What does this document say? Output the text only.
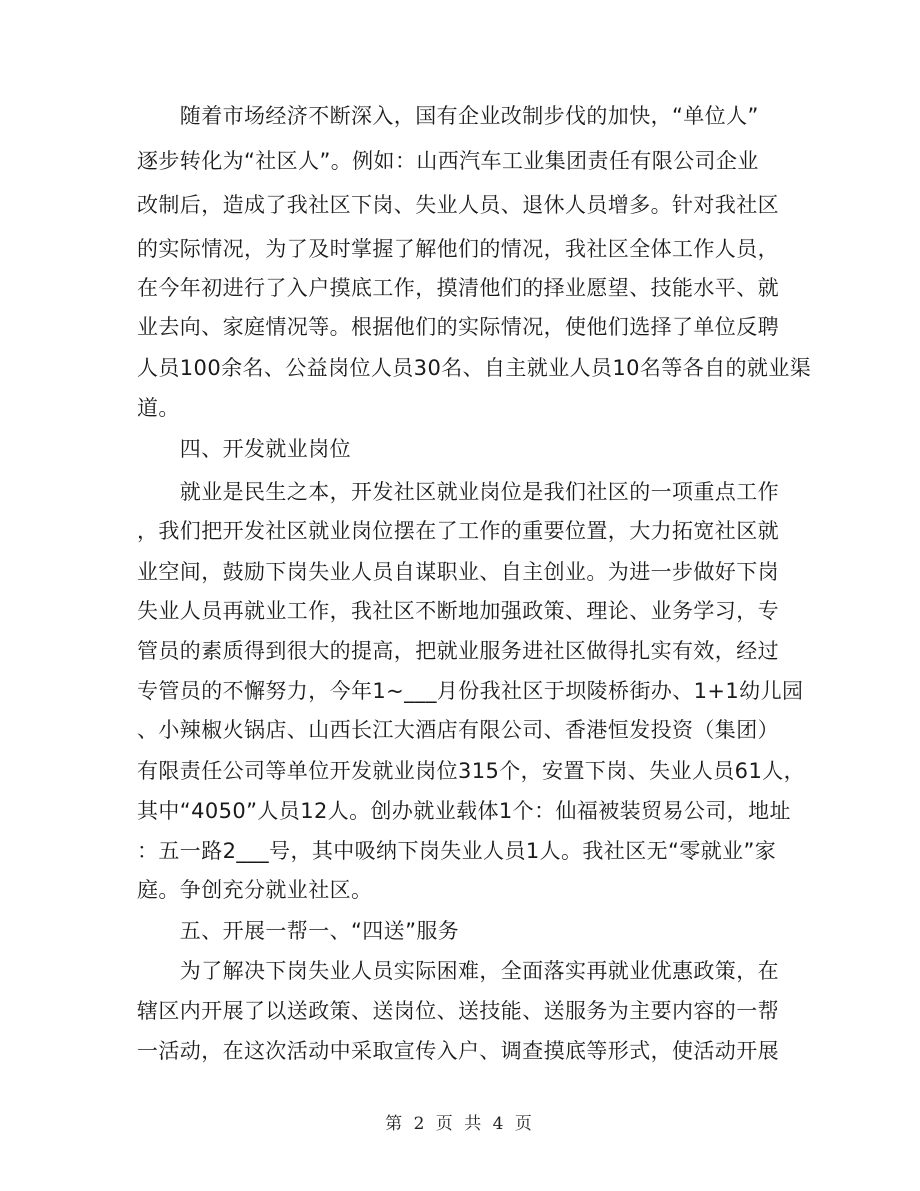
　　随着市场经济不断深入，国有企业改制步伐的加快，“单位人”
逐步转化为“社区人”。例如：山西汽车工业集团责任有限公司企业
改制后，造成了我社区下岗、失业人员、退休人员增多。针对我社区
的实际情况，为了及时掌握了解他们的情况，我社区全体工作人员，
在今年初进行了入户摸底工作，摸清他们的择业愿望、技能水平、就
业去向、家庭情况等。根据他们的实际情况，使他们选择了单位反聘
人员100余名、公益岗位人员30名、自主就业人员10名等各自的就业渠
道。
　　四、开发就业岗位
　　就业是民生之本，开发社区就业岗位是我们社区的一项重点工作
，我们把开发社区就业岗位摆在了工作的重要位置，大力拓宽社区就
业空间，鼓励下岗失业人员自谋职业、自主创业。为进一步做好下岗
失业人员再就业工作，我社区不断地加强政策、理论、业务学习，专
管员的素质得到很大的提高，把就业服务进社区做得扎实有效，经过
专管员的不懈努力，今年1~___月份我社区于坝陵桥街办、1+1幼儿园
、小辣椒火锅店、山西长江大酒店有限公司、香港恒发投资（集团）
有限责任公司等单位开发就业岗位315个，安置下岗、失业人员61人，
其中“4050”人员12人。创办就业载体1个：仙福被装贸易公司，地址
：五一路2___号，其中吸纳下岗失业人员1人。我社区无“零就业”家
庭。争创充分就业社区。
　　五、开展一帮一、“四送”服务
　　为了解决下岗失业人员实际困难，全面落实再就业优惠政策，在
辖区内开展了以送政策、送岗位、送技能、送服务为主要内容的一帮
一活动，在这次活动中采取宣传入户、调查摸底等形式，使活动开展
第 2 页 共 4 页
